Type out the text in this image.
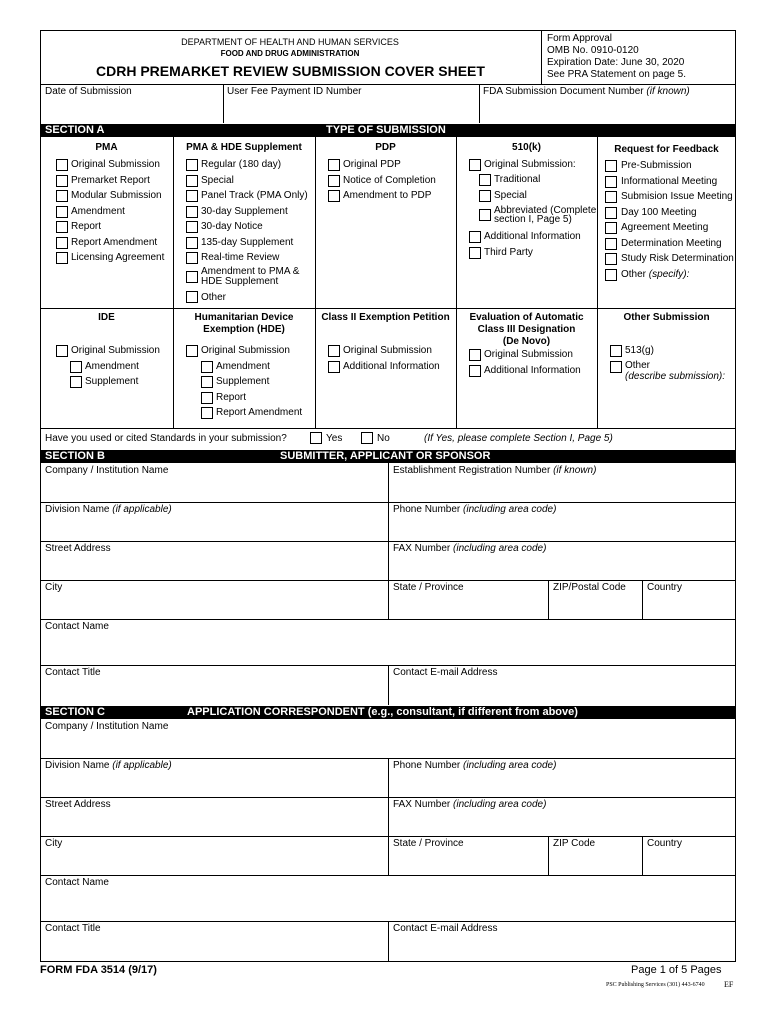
DEPARTMENT OF HEALTH AND HUMAN SERVICES
FOOD AND DRUG ADMINISTRATION
CDRH PREMARKET REVIEW SUBMISSION COVER SHEET
Form Approval
OMB No. 0910-0120
Expiration Date: June 30, 2020
See PRA Statement on page 5.
Date of Submission	User Fee Payment ID Number	FDA Submission Document Number (if known)
SECTION A	TYPE OF SUBMISSION
PMA
Original Submission
Premarket Report
Modular Submission
Amendment
Report
Report Amendment
Licensing Agreement
PMA & HDE Supplement
Regular (180 day)
Special
Panel Track (PMA Only)
30-day Supplement
30-day Notice
135-day Supplement
Real-time Review
Amendment to PMA &
HDE Supplement
Other
PDP
Original PDP
Notice of Completion
Amendment to PDP
510(k)
Original Submission:
Traditional
Special
Abbreviated (Complete
section I, Page 5)
Additional Information
Third Party
Request for Feedback
Pre-Submission
Informational Meeting
Submision Issue Meeting
Day 100 Meeting
Agreement Meeting
Determination Meeting
Study Risk Determination
Other (specify):
IDE
Original Submission
Amendment
Supplement
Humanitarian Device
Exemption (HDE)
Original Submission
Amendment
Supplement
Report
Report Amendment
Class II Exemption Petition
Original Submission
Additional Information
Evaluation of Automatic
Class III Designation
(De Novo)
Original Submission
Additional Information
Other Submission
513(g)
Other
(describe submission):
Have you used or cited Standards in your submission?	Yes	No	(If Yes, please complete Section I, Page 5)
SECTION B	SUBMITTER, APPLICANT OR SPONSOR
Company / Institution Name	Establishment Registration Number (if known)
Division Name (if applicable)	Phone Number (including area code)
Street Address	FAX Number (including area code)
City	State / Province	ZIP/Postal Code Country
Contact Name
Contact Title	Contact E-mail Address
SECTION C	APPLICATION CORRESPONDENT (e.g., consultant, if different from above)
Company / Institution Name
Division Name (if applicable)	Phone Number (including area code)
Street Address	FAX Number (including area code)
City	State / Province	ZIP Code	Country
Contact Name
Contact Title	Contact E-mail Address
FORM FDA 3514 (9/17)	Page 1 of 5 Pages
PSC Publishing Services (301) 443-6740 EF
